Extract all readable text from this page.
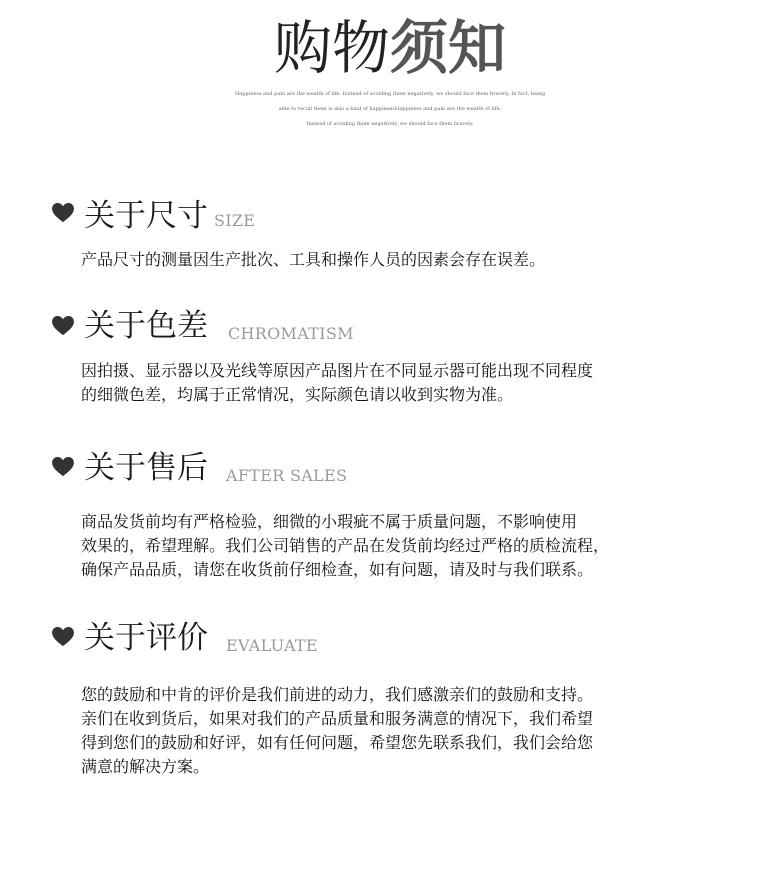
购物须知
Happiness and pain are the wealth of life. Instead of avoiding them negatively, we should face them bravely. In fact, being
able to recall them is also a kind of happinessHappiness and pain are the wealth of life.
Instead of avoiding them negatively, we should face them bravely.
关于尺寸 SIZE
产品尺寸的测量因生产批次、工具和操作人员的因素会存在误差。
关于色差 CHROMATISM
因拍摄、显示器以及光线等原因产品图片在不同显示器可能出现不同程度
的细微色差，均属于正常情况，实际颜色请以收到实物为准。
关于售后 AFTER SALES
商品发货前均有严格检验，细微的小瑕疵不属于质量问题，不影响使用
效果的，希望理解。我们公司销售的产品在发货前均经过严格的质检流程，
确保产品品质，请您在收货前仔细检查，如有问题，请及时与我们联系。
关于评价 EVALUATE
您的鼓励和中肯的评价是我们前进的动力，我们感激亲们的鼓励和支持。
亲们在收到货后，如果对我们的产品质量和服务满意的情况下，我们希望
得到您们的鼓励和好评，如有任何问题，希望您先联系我们，我们会给您
满意的解决方案。
